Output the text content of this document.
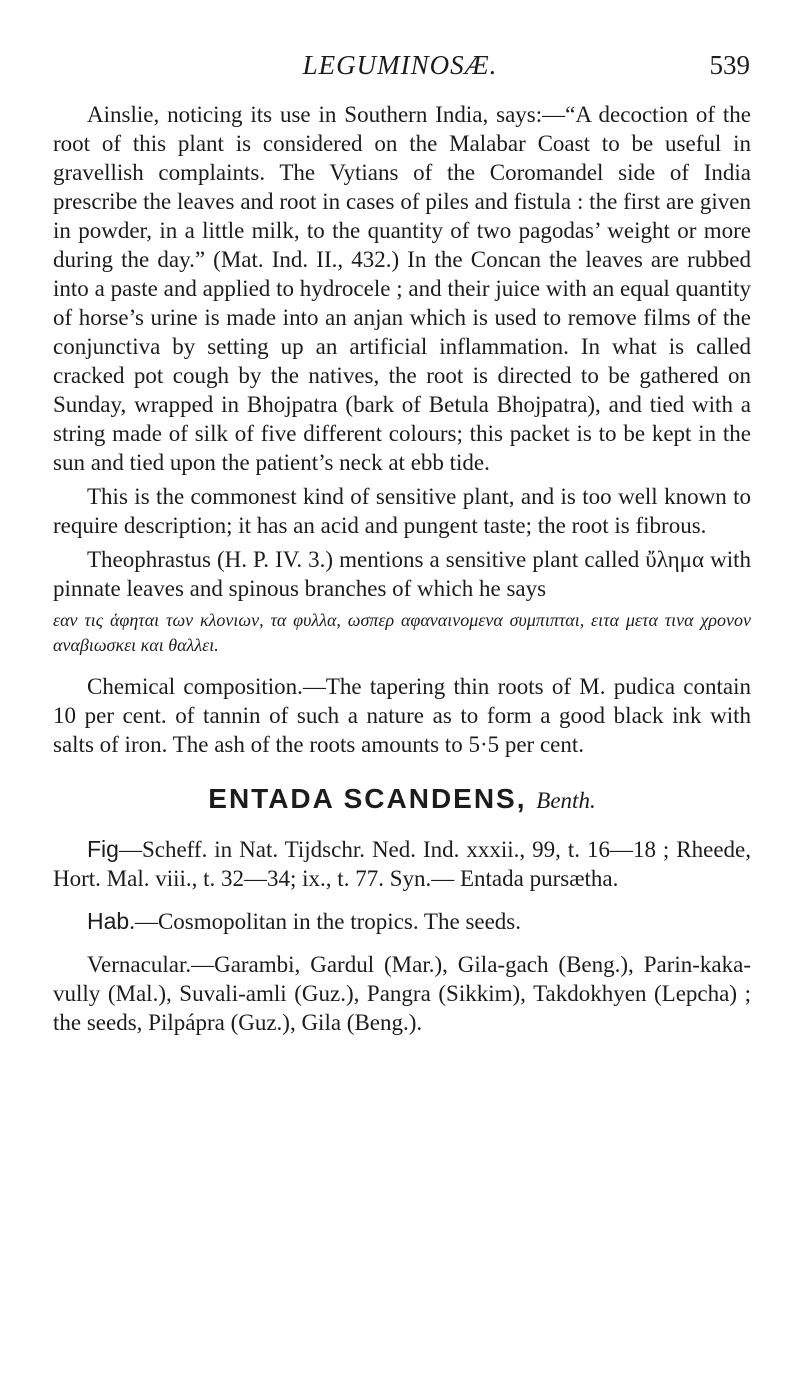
LEGUMINOSÆ.	539

Ainslie, noticing its use in Southern India, says:—“A decoction of the root of this plant is considered on the Malabar Coast to be useful in gravellish complaints. The Vytians of the Coromandel side of India prescribe the leaves and root in cases of piles and fistula : the first are given in powder, in a little milk, to the quantity of two pagodas’ weight or more during the day.” (Mat. Ind. II., 432.) In the Concan the leaves are rubbed into a paste and applied to hydrocele ; and their juice with an equal quantity of horse’s urine is made into an anjan which is used to remove films of the conjunctiva by setting up an artificial inflammation. In what is called cracked pot cough by the natives, the root is directed to be gathered on Sunday, wrapped in Bhojpatra (bark of Betula Bhojpatra), and tied with a string made of silk of five different colours; this packet is to be kept in the sun and tied upon the patient’s neck at ebb tide.

This is the commonest kind of sensitive plant, and is too well known to require description; it has an acid and pungent taste; the root is fibrous.

Theophrastus (H. P. IV. 3.) mentions a sensitive plant called ὔλημα with pinnate leaves and spinous branches of which he says

εαν τις ἁφηται των κλονιων, τα φυλλα, ωσπερ αφαναινομενα συμπιπται, ειτα μετα τινα χρονον αναβιωσκει και θαλλει.

Chemical composition.—The tapering thin roots of M. pudica contain 10 per cent. of tannin of such a nature as to form a good black ink with salts of iron. The ash of the roots amounts to 5·5 per cent.

ENTADA SCANDENS, Benth.

Fig—Scheff. in Nat. Tijdschr. Ned. Ind. xxxii., 99, t. 16—18 ; Rheede, Hort. Mal. viii., t. 32—34; ix., t. 77. Syn.— Entada pursætha.

Hab.—Cosmopolitan in the tropics. The seeds.

Vernacular.—Garambi, Gardul (Mar.), Gila-gach (Beng.), Parin-kaka-vully (Mal.), Suvali-amli (Guz.), Pangra (Sikkim), Takdokhyen (Lepcha) ; the seeds, Pilpápra (Guz.), Gila (Beng.).
